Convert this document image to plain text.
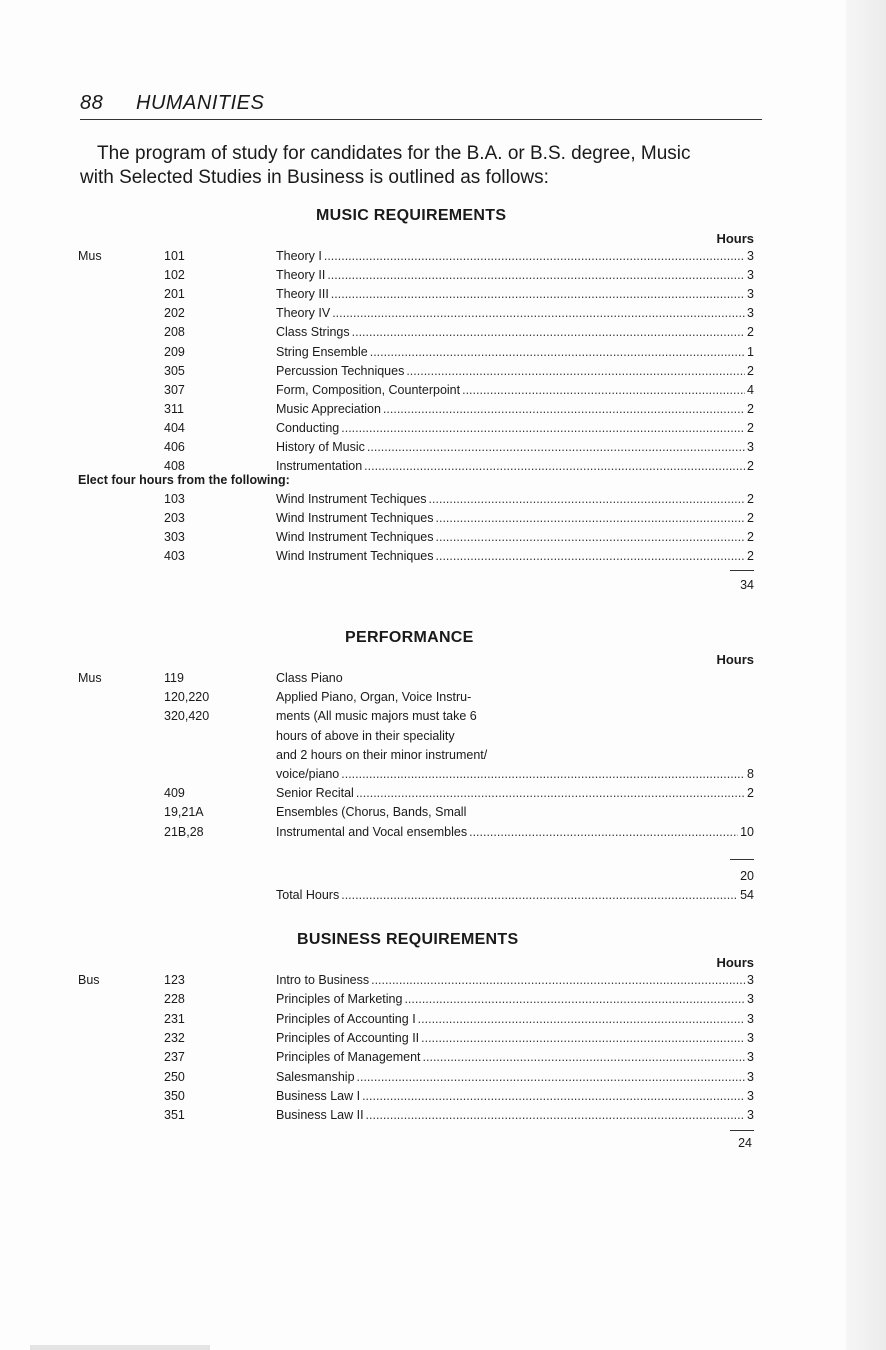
88 HUMANITIES
The program of study for candidates for the B.A. or B.S. degree, Music
with Selected Studies in Business is outlined as follows:
MUSIC REQUIREMENTS
Hours
Mus	101	Theory I .....	3
102	Theory II .....	3
201	Theory III .....	3
202	Theory IV .....	3
208	Class Strings .....	2
209	String Ensemble .....	1
305	Percussion Techniques .....	2
307	Form, Composition, Counterpoint .....	4
311	Music Appreciation .....	2
404	Conducting .....	2
406	History of Music .....	3
408	Instrumentation .....	2
Elect four hours from the following:
103	Wind Instrument Techiques .....	2
203	Wind Instrument Techniques .....	2
303	Wind Instrument Techniques .....	2
403	Wind Instrument Techniques .....	2
34
PERFORMANCE
Hours
Mus	119	Class Piano
120,220	Applied Piano, Organ, Voice Instru-
320,420	ments (All music majors must take 6
hours of above in their speciality
and 2 hours on their minor instrument/
voice/piano .....	8
409	Senior Recital .....	2
19,21A	Ensembles (Chorus, Bands, Small
21B,28	Instrumental and Vocal ensembles .....	10
20
Total Hours .....	54
BUSINESS REQUIREMENTS
Hours
Bus	123	Intro to Business .....	3
228	Principles of Marketing .....	3
231	Principles of Accounting I .....	3
232	Principles of Accounting II .....	3
237	Principles of Management .....	3
250	Salesmanship .....	3
350	Business Law I .....	3
351	Business Law II .....	3
24
